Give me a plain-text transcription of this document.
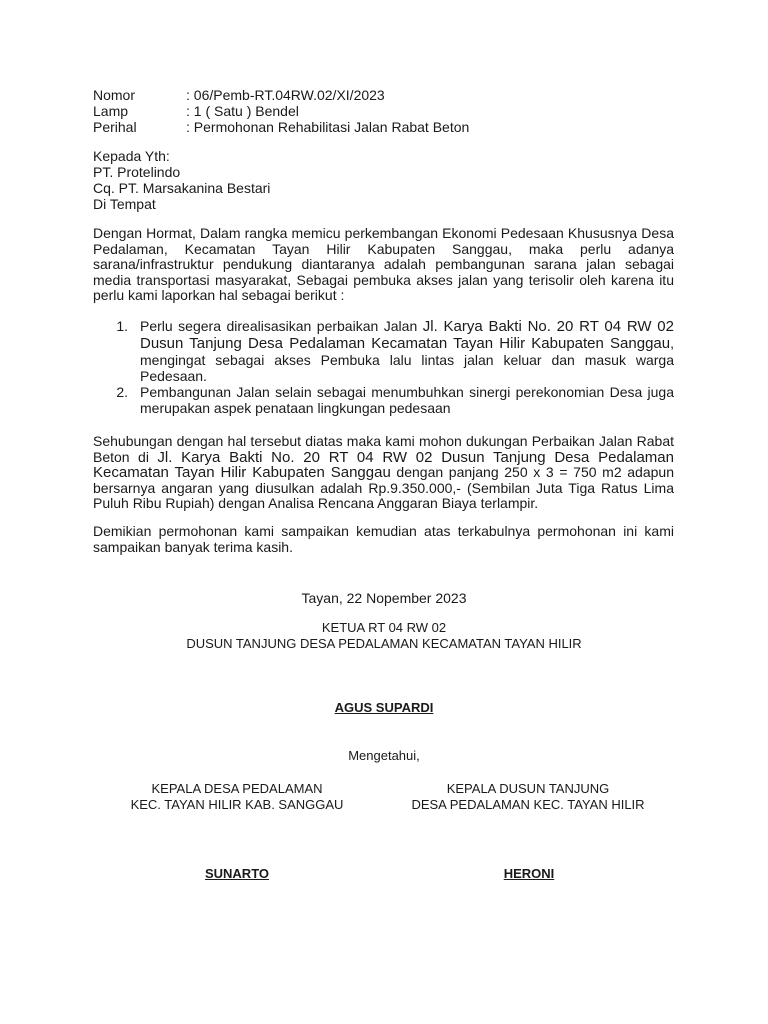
Nomor	: 06/Pemb-RT.04RW.02/XI/2023
Lamp	: 1 ( Satu ) Bendel
Perihal	: Permohonan Rehabilitasi Jalan Rabat Beton
Kepada Yth:
PT. Protelindo
Cq. PT. Marsakanina Bestari
Di Tempat
Dengan Hormat, Dalam rangka memicu perkembangan Ekonomi Pedesaan Khususnya Desa Pedalaman, Kecamatan Tayan Hilir Kabupaten Sanggau, maka perlu adanya sarana/infrastruktur pendukung diantaranya adalah pembangunan sarana jalan sebagai media transportasi masyarakat, Sebagai pembuka akses jalan yang terisolir oleh karena itu perlu kami laporkan hal sebagai berikut :
1. Perlu segera direalisasikan perbaikan Jalan Jl. Karya Bakti No. 20 RT 04 RW 02 Dusun Tanjung Desa Pedalaman Kecamatan Tayan Hilir Kabupaten Sanggau, mengingat sebagai akses Pembuka lalu lintas jalan keluar dan masuk warga Pedesaan.
2. Pembangunan Jalan selain sebagai menumbuhkan sinergi perekonomian Desa juga merupakan aspek penataan lingkungan pedesaan
Sehubungan dengan hal tersebut diatas maka kami mohon dukungan Perbaikan Jalan Rabat Beton di Jl. Karya Bakti No. 20 RT 04 RW 02 Dusun Tanjung Desa Pedalaman Kecamatan Tayan Hilir Kabupaten Sanggau dengan panjang 250 x 3 = 750 m2 adapun bersarnya angaran yang diusulkan adalah Rp.9.350.000,- (Sembilan Juta Tiga Ratus Lima Puluh Ribu Rupiah) dengan Analisa Rencana Anggaran Biaya terlampir.
Demikian permohonan kami sampaikan kemudian atas terkabulnya permohonan ini kami sampaikan banyak terima kasih.
Tayan, 22 Nopember 2023
KETUA RT 04 RW 02
DUSUN TANJUNG DESA PEDALAMAN KECAMATAN TAYAN HILIR
AGUS SUPARDI
Mengetahui,
KEPALA DESA PEDALAMAN
KEC. TAYAN HILIR KAB. SANGGAU
KEPALA DUSUN TANJUNG
DESA PEDALAMAN KEC. TAYAN HILIR
SUNARTO	HERONI
